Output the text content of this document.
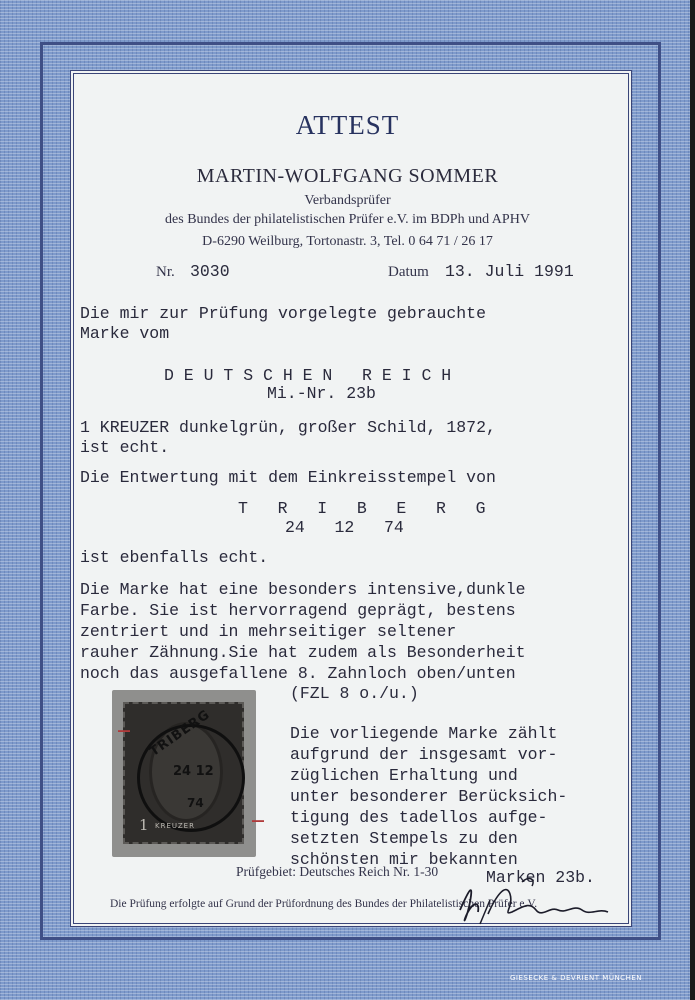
ATTEST
MARTIN-WOLFGANG SOMMER
Verbandsprüfer
des Bundes der philatelistischen Prüfer e.V. im BDPh und APHV
D-6290 Weilburg, Tortonastr. 3, Tel. 0 64 71 / 26 17
Nr. 3030	Datum 13. Juli 1991
Die mir zur Prüfung vorgelegte gebrauchte
Marke vom
D E U T S C H E N   R E I C H
Mi.-Nr. 23b
1 KREUZER dunkelgrün, großer Schild, 1872,
ist echt.
Die Entwertung mit dem Einkreisstempel von
T   R   I   B   E   R   G
24   12   74
ist ebenfalls echt.
Die Marke hat eine besonders intensive,dunkle
Farbe. Sie ist hervorragend geprägt, bestens
zentriert und in mehrseitiger seltener
rauher Zähnung.Sie hat zudem als Besonderheit
noch das ausgefallene 8. Zahnloch oben/unten
(FZL 8 o./u.)
Die vorliegende Marke zählt
aufgrund der insgesamt vor-
züglichen Erhaltung und
unter besonderer Berücksich-
tigung des tadellos aufge-
setzten Stempels zu den
schönsten mir bekannten
Marken 23b.
TRIBERG
24 12
74
1 KREUZER
▬▬
▬▬
Prüfgebiet: Deutsches Reich Nr. 1-30
Die Prüfung erfolgte auf Grund der Prüfordnung des Bundes der Philatelistischen Prüfer e.V.
GIESECKE & DEVRIENT MÜNCHEN
